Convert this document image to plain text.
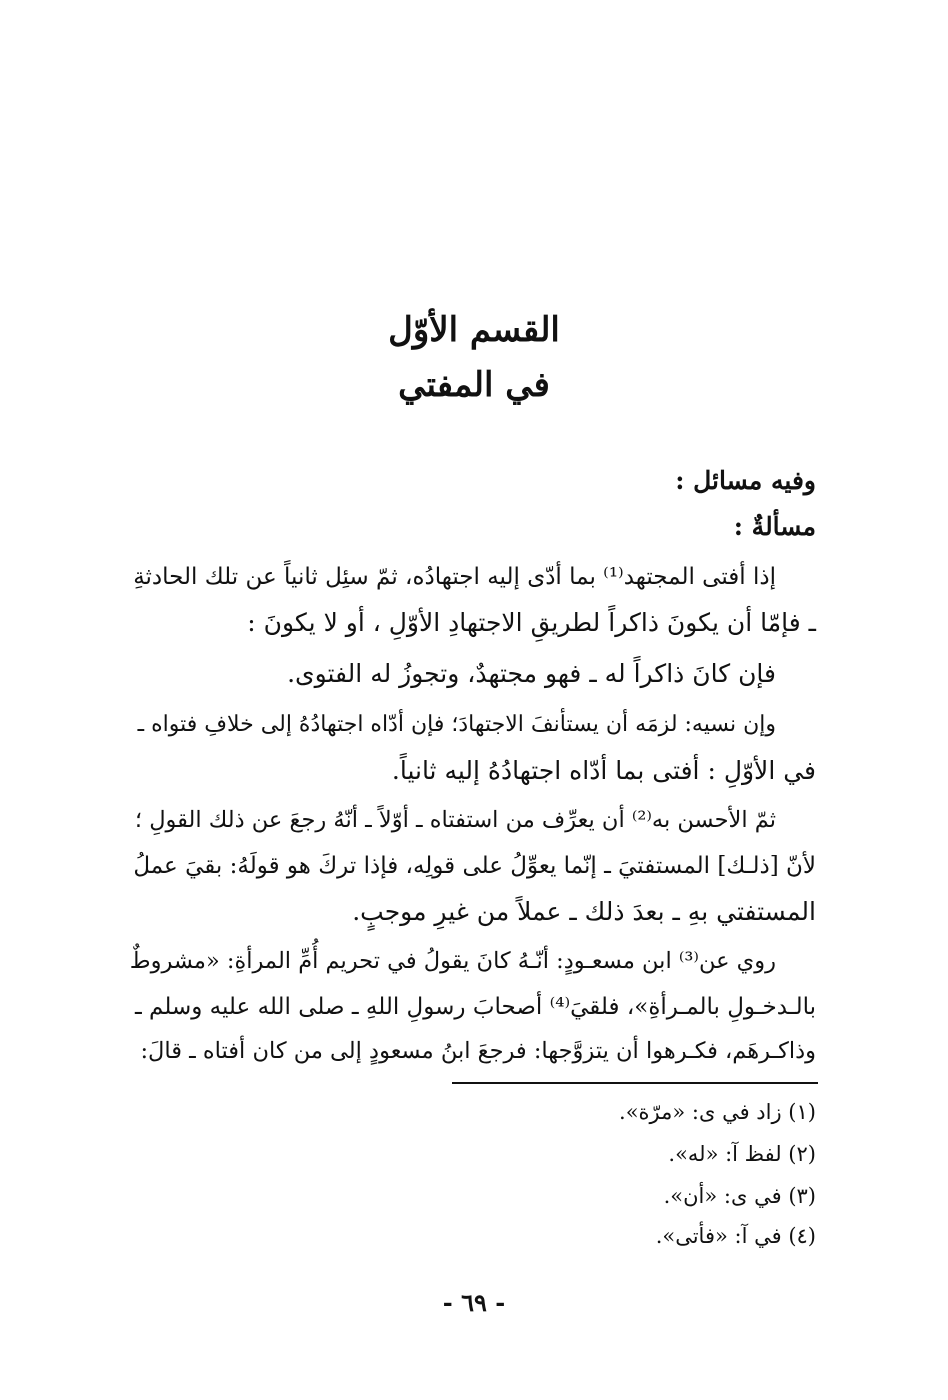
القسم الأوّل
في المفتي
وفيه مسائل :
مسألةٌ :
إذا أفتى المجتهد⁽¹⁾ بما أدّى إليه اجتهادُه، ثمّ سئِل ثانياً عن تلك الحادثةِ
ـ فإمّا أن يكونَ ذاكراً لطريقِ الاجتهادِ الأوّلِ ، أو لا يكونَ :
فإن كانَ ذاكراً له ـ فهو مجتهدٌ، وتجوزُ له الفتوى.
وإن نسيه: لزمَه أن يستأنفَ الاجتهادَ؛ فإن أدّاه اجتهادُهُ إلى خلافِ فتواه ـ
في الأوّلِ : أفتى بما أدّاه اجتهادُهُ إليه ثانياً.
ثمّ الأحسن به⁽²⁾ أن يعرِّف من استفتاه ـ أوّلاً ـ أنّهُ رجعَ عن ذلك القولِ ؛
لأنّ [ذلـك] المستفتيَ ـ إنّما يعوِّلُ على قولِه، فإذا تركَ هو قولَهُ: بقيَ عملُ
المستفتي بهِ ـ بعدَ ذلك ـ عملاً من غيرِ موجبٍ.
روي عن⁽³⁾ ابن مسعـودٍ: أنّـهُ كانَ يقولُ في تحريم أُمِّ المرأةِ: «مشروطٌ
بالـدخـولِ بالمـرأةِ»، فلقيَ⁽⁴⁾ أصحابَ رسولِ اللهِ ـ صلى الله عليه وسلم ـ
وذاكـرهَم، فكـرهوا أن يتزوَّجها: فرجعَ ابنُ مسعودٍ إلى من كان أفتاه ـ قالَ:
(١) زاد في ى: «مرّة».
(٢) لفظ آ: «له».
(٣) في ى: «أن».
(٤) في آ: «فأتى».
- ٦٩ -
